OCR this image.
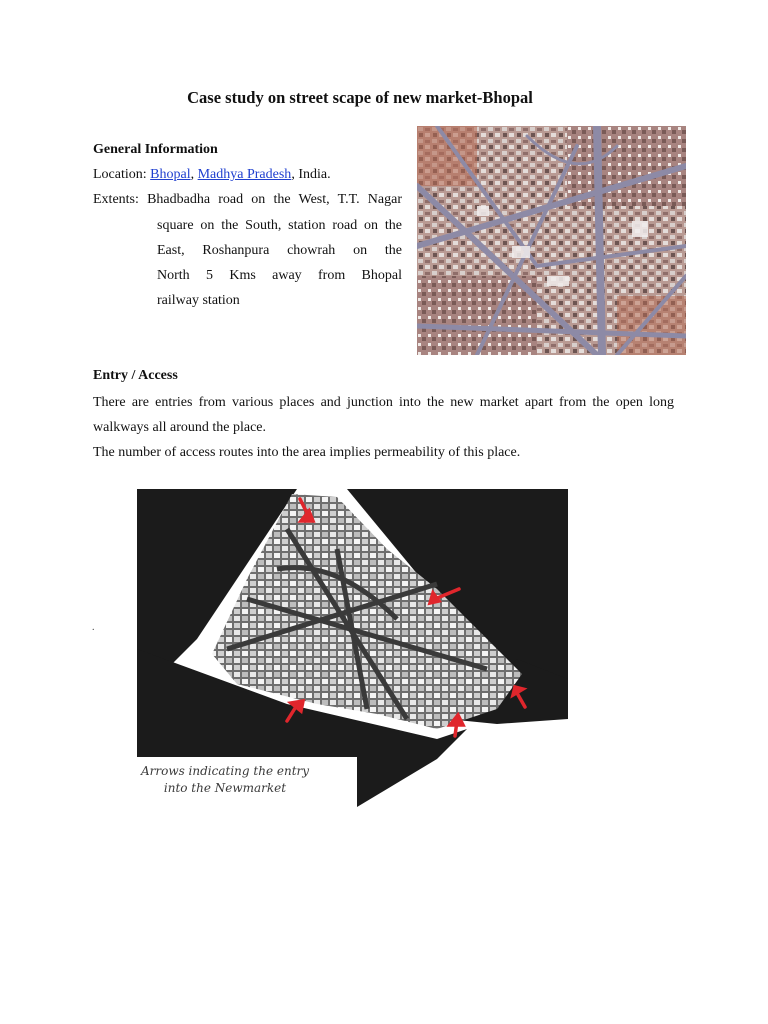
Case study on street scape of new market-Bhopal
General Information
Location: Bhopal, Madhya Pradesh, India.
Extents: Bhadbadha road on the West, T.T. Nagar
square on the South, station road on the
East, Roshanpura chowrah on the
North 5 Kms away from Bhopal
railway station
Entry / Access
There are entries from various places and junction into the new market apart from the open long walkways all around the place.
The number of access routes into the area implies permeability of this place.
.
Arrows indicating the entry
into the Newmarket
